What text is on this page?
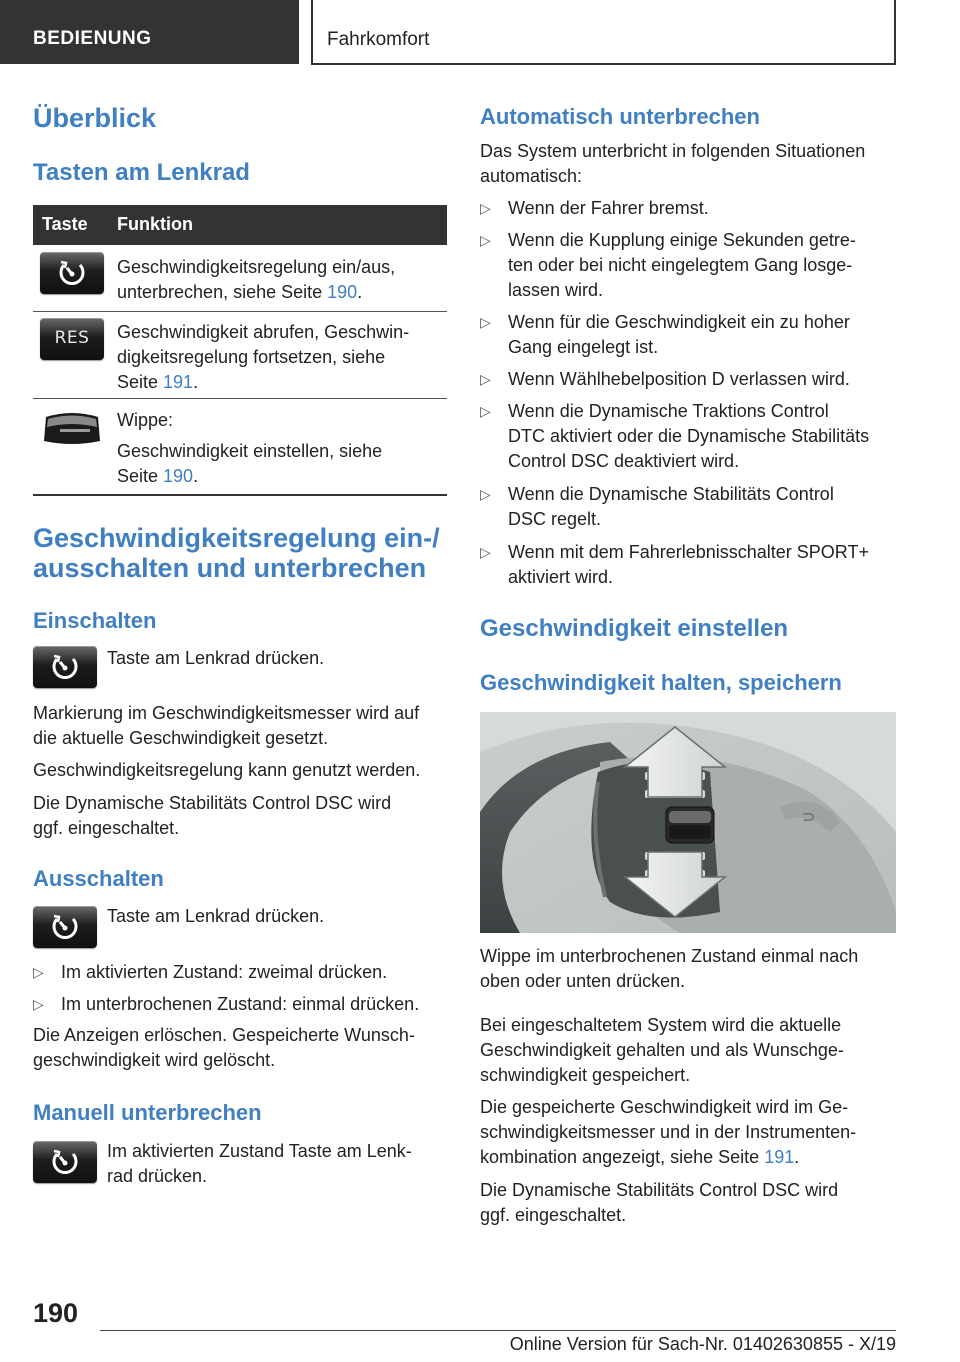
BEDIENUNG	Fahrkomfort
Überblick
Tasten am Lenkrad
Taste Funktion
Geschwindigkeitsregelung ein/aus,
unterbrechen, siehe Seite 190.
RES	Geschwindigkeit abrufen, Geschwin-
digkeitsregelung fortsetzen, siehe
Seite 191.
Wippe:
Geschwindigkeit einstellen, siehe
Seite 190.
Geschwindigkeitsregelung ein-/
ausschalten und unterbrechen
Einschalten
Taste am Lenkrad drücken.
Markierung im Geschwindigkeitsmesser wird auf
die aktuelle Geschwindigkeit gesetzt.
Geschwindigkeitsregelung kann genutzt werden.
Die Dynamische Stabilitäts Control DSC wird
ggf. eingeschaltet.
Ausschalten
Taste am Lenkrad drücken.
▷ Im aktivierten Zustand: zweimal drücken.
▷ Im unterbrochenen Zustand: einmal drücken.
Die Anzeigen erlöschen. Gespeicherte Wunsch-
geschwindigkeit wird gelöscht.
Manuell unterbrechen
Im aktivierten Zustand Taste am Lenk-
rad drücken.
Automatisch unterbrechen
Das System unterbricht in folgenden Situationen
automatisch:
▷ Wenn der Fahrer bremst.
▷ Wenn die Kupplung einige Sekunden getre-
ten oder bei nicht eingelegtem Gang losge-
lassen wird.
▷ Wenn für die Geschwindigkeit ein zu hoher
Gang eingelegt ist.
▷ Wenn Wählhebelposition D verlassen wird.
▷ Wenn die Dynamische Traktions Control
DTC aktiviert oder die Dynamische Stabilitäts
Control DSC deaktiviert wird.
▷ Wenn die Dynamische Stabilitäts Control
DSC regelt.
▷ Wenn mit dem Fahrerlebnisschalter SPORT+
aktiviert wird.
Geschwindigkeit einstellen
Geschwindigkeit halten, speichern
⊃
Wippe im unterbrochenen Zustand einmal nach
oben oder unten drücken.
Bei eingeschaltetem System wird die aktuelle
Geschwindigkeit gehalten und als Wunschge-
schwindigkeit gespeichert.
Die gespeicherte Geschwindigkeit wird im Ge-
schwindigkeitsmesser und in der Instrumenten-
kombination angezeigt, siehe Seite 191.
Die Dynamische Stabilitäts Control DSC wird
ggf. eingeschaltet.
190
Online Version für Sach-Nr. 01402630855 - X/19
